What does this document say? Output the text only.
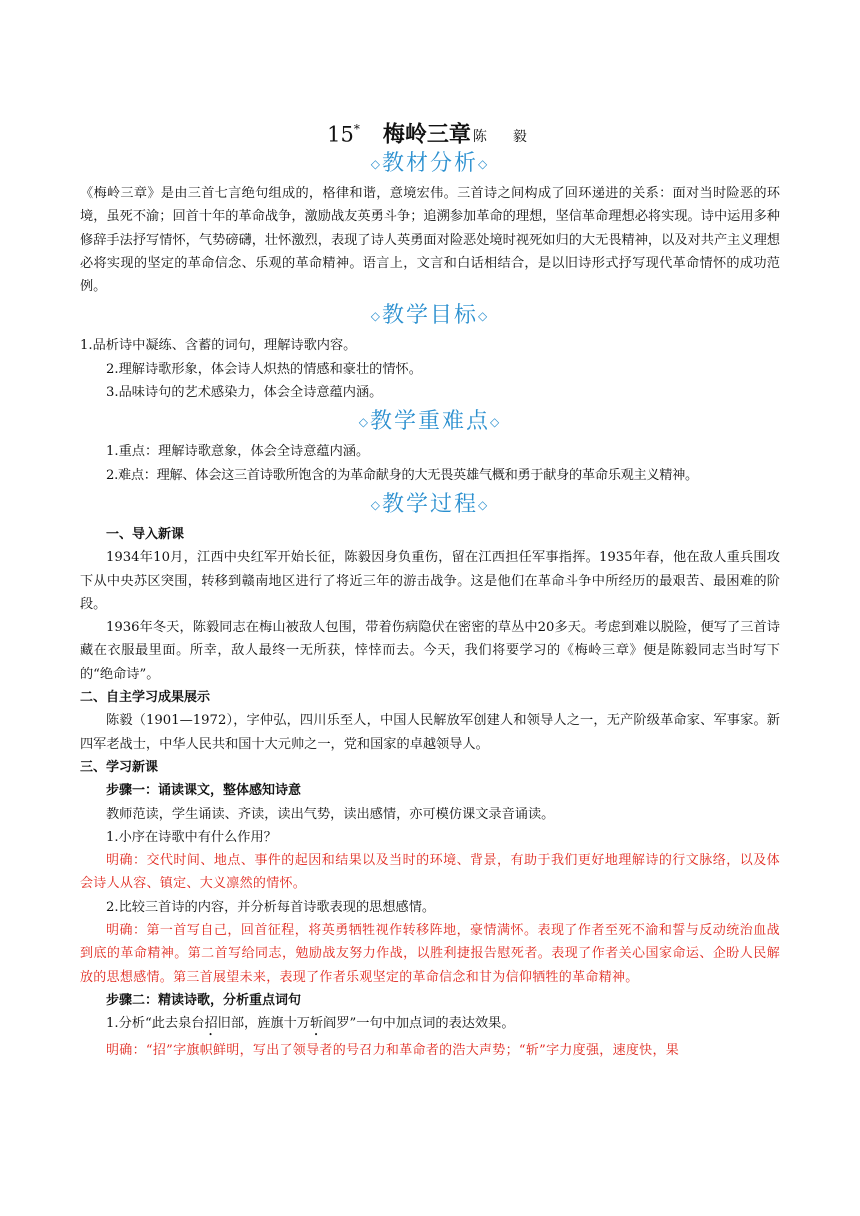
15* 梅岭三章 陈　毅
◇教材分析◇

《梅岭三章》是由三首七言绝句组成的，格律和谐，意境宏伟。三首诗之间构成了回环递进的关系：面对当时险恶的环境，虽死不渝；回首十年的革命战争，激励战友英勇斗争；追溯参加革命的理想，坚信革命理想必将实现。诗中运用多种修辞手法抒写情怀，气势磅礴，壮怀激烈，表现了诗人英勇面对险恶处境时视死如归的大无畏精神，以及对共产主义理想必将实现的坚定的革命信念、乐观的革命精神。语言上，文言和白话相结合，是以旧诗形式抒写现代革命情怀的成功范例。

◇教学目标◇

1.品析诗中凝练、含蓄的词句，理解诗歌内容。

2.理解诗歌形象，体会诗人炽热的情感和豪壮的情怀。

3.品味诗句的艺术感染力，体会全诗意蕴内涵。

◇教学重难点◇

1.重点：理解诗歌意象，体会全诗意蕴内涵。

2.难点：理解、体会这三首诗歌所饱含的为革命献身的大无畏英雄气概和勇于献身的革命乐观主义精神。

◇教学过程◇

一、导入新课

1934年10月，江西中央红军开始长征，陈毅因身负重伤，留在江西担任军事指挥。1935年春，他在敌人重兵围攻下从中央苏区突围，转移到赣南地区进行了将近三年的游击战争。这是他们在革命斗争中所经历的最艰苦、最困难的阶段。

1936年冬天，陈毅同志在梅山被敌人包围，带着伤病隐伏在密密的草丛中20多天。考虑到难以脱险，便写了三首诗藏在衣服最里面。所幸，敌人最终一无所获，悻悻而去。今天，我们将要学习的《梅岭三章》便是陈毅同志当时写下的“绝命诗”。

二、自主学习成果展示

陈毅（1901—1972），字仲弘，四川乐至人，中国人民解放军创建人和领导人之一，无产阶级革命家、军事家。新四军老战士，中华人民共和国十大元帅之一，党和国家的卓越领导人。

三、学习新课

步骤一：诵读课文，整体感知诗意

教师范读，学生诵读、齐读，读出气势，读出感情，亦可模仿课文录音诵读。

1.小序在诗歌中有什么作用？

明确：交代时间、地点、事件的起因和结果以及当时的环境、背景，有助于我们更好地理解诗的行文脉络，以及体会诗人从容、镇定、大义凛然的情怀。

2.比较三首诗的内容，并分析每首诗歌表现的思想感情。

明确：第一首写自己，回首征程，将英勇牺牲视作转移阵地，豪情满怀。表现了作者至死不渝和誓与反动统治血战到底的革命精神。第二首写给同志，勉励战友努力作战，以胜利捷报告慰死者。表现了作者关心国家命运、企盼人民解放的思想感情。第三首展望未来，表现了作者乐观坚定的革命信念和甘为信仰牺牲的革命精神。

步骤二：精读诗歌，分析重点词句

1.分析“此去泉台招旧部，旌旗十万斩阎罗”一句中加点词的表达效果。

明确：“招”字旗帜鲜明，写出了领导者的号召力和革命者的浩大声势；“斩”字力度强，速度快，果
